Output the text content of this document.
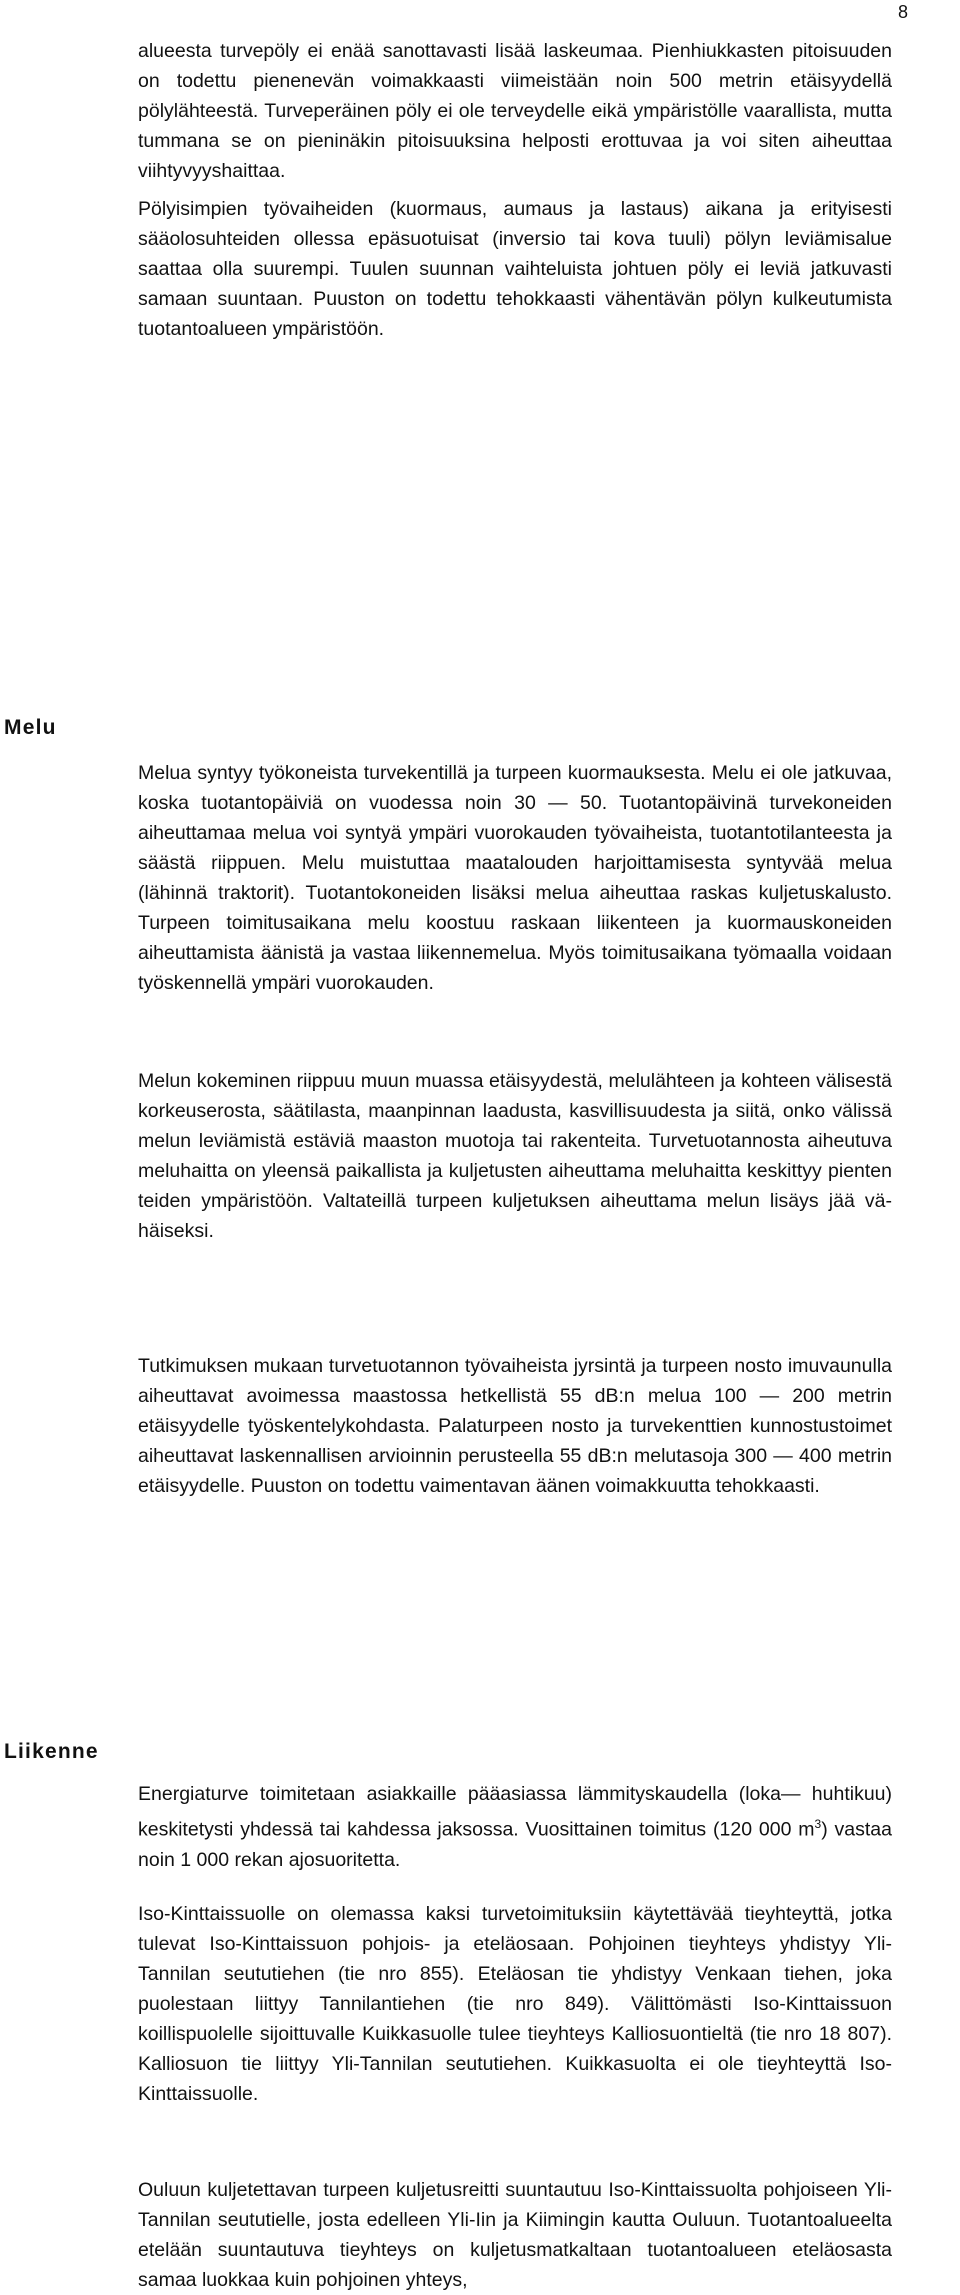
8

alueesta turvepöly ei enää sanottavasti lisää laskeumaa. Pienhiukkasten pitoisuuden on todettu pienenevän voimakkaasti viimeistään noin 500 metrin etäisyydellä pölylähteestä. Turveperäinen pöly ei ole terveydelle eikä ympäristölle vaarallista, mutta tummana se on pieninäkin pitoisuuksina helposti erottuvaa ja voi siten aiheuttaa viihtyvyyshaittaa.

Pölyisimpien työvaiheiden (kuormaus, aumaus ja lastaus) aikana ja erityisesti sääolosuhteiden ollessa epäsuotuisat (inversio tai kova tuuli) pölyn leviämisalue saattaa olla suurempi. Tuulen suunnan vaihteluista johtuen pöly ei leviä jatkuvasti samaan suuntaan. Puuston on todettu tehokkaasti vähentävän pölyn kulkeutumista tuotantoalueen ympäristöön.

Melu

Melua syntyy työkoneista turvekentillä ja turpeen kuormauksesta. Melu ei ole jatkuvaa, koska tuotantopäiviä on vuodessa noin 30 — 50. Tuotantopäivinä turvekoneiden aiheuttamaa melua voi syntyä ympäri vuorokauden työvaiheista, tuotantotilanteesta ja säästä riippuen. Melu muistuttaa maatalouden harjoittamisesta syntyvää melua (lähinnä traktorit). Tuotantokoneiden lisäksi melua aiheuttaa raskas kuljetuskalusto. Turpeen toimitusaikana melu koostuu raskaan liikenteen ja kuormauskoneiden aiheuttamista äänistä ja vastaa liikennemelua. Myös toimitusaikana työmaalla voidaan työskennellä ympäri vuorokauden.

Melun kokeminen riippuu muun muassa etäisyydestä, melulähteen ja kohteen välisestä korkeuserosta, säätilasta, maanpinnan laadusta, kasvillisuudesta ja siitä, onko välissä melun leviämistä estäviä maaston muotoja tai rakenteita. Turvetuotannosta aiheutuva meluhaitta on yleensä paikallista ja kuljetusten aiheuttama meluhaitta keskittyy pienten teiden ympäristöön. Valtateillä turpeen kuljetuksen aiheuttama melun lisäys jää vähäiseksi.

Tutkimuksen mukaan turvetuotannon työvaiheista jyrsintä ja turpeen nosto imuvaunulla aiheuttavat avoimessa maastossa hetkellistä 55 dB:n melua 100 — 200 metrin etäisyydelle työskentelykohdasta. Palaturpeen nosto ja turvekenttien kunnostustoimet aiheuttavat laskennallisen arvioinnin perusteella 55 dB:n melutasoja 300 — 400 metrin etäisyydelle. Puuston on todettu vaimentavan äänen voimakkuutta tehokkaasti.

Liikenne

Energiaturve toimitetaan asiakkaille pääasiassa lämmityskaudella (loka— huhtikuu) keskitetysti yhdessä tai kahdessa jaksossa. Vuosittainen toimitus (120 000 $m^3$) vastaa noin 1 000 rekan ajosuoritetta.

Iso-Kinttaissuolle on olemassa kaksi turvetoimituksiin käytettävää tieyhteyttä, jotka tulevat Iso-Kinttaissuon pohjois- ja eteläosaan. Pohjoinen tieyhteys yhdistyy Yli-Tannilan seututiehen (tie nro 855). Eteläosan tie yhdistyy Venkaan tiehen, joka puolestaan liittyy Tannilantiehen (tie nro 849). Välittömästi Iso-Kinttaissuon koillispuolelle sijoittuvalle Kuikkasuolle tulee tieyhteys Kalliosuontieltä (tie nro 18 807). Kalliosuon tie liittyy Yli-Tannilan seututiehen. Kuikkasuolta ei ole tieyhteyttä Iso-Kinttaissuolle.

Ouluun kuljetettavan turpeen kuljetusreitti suuntautuu Iso-Kinttaissuolta pohjoiseen Yli-Tannilan seututielle, josta edelleen Yli-Iin ja Kiimingin kautta Ouluun. Tuotantoalueelta etelään suuntautuva tieyhteys on kuljetusmatkaltaan tuotantoalueen eteläosasta samaa luokkaa kuin pohjoinen yhteys,
